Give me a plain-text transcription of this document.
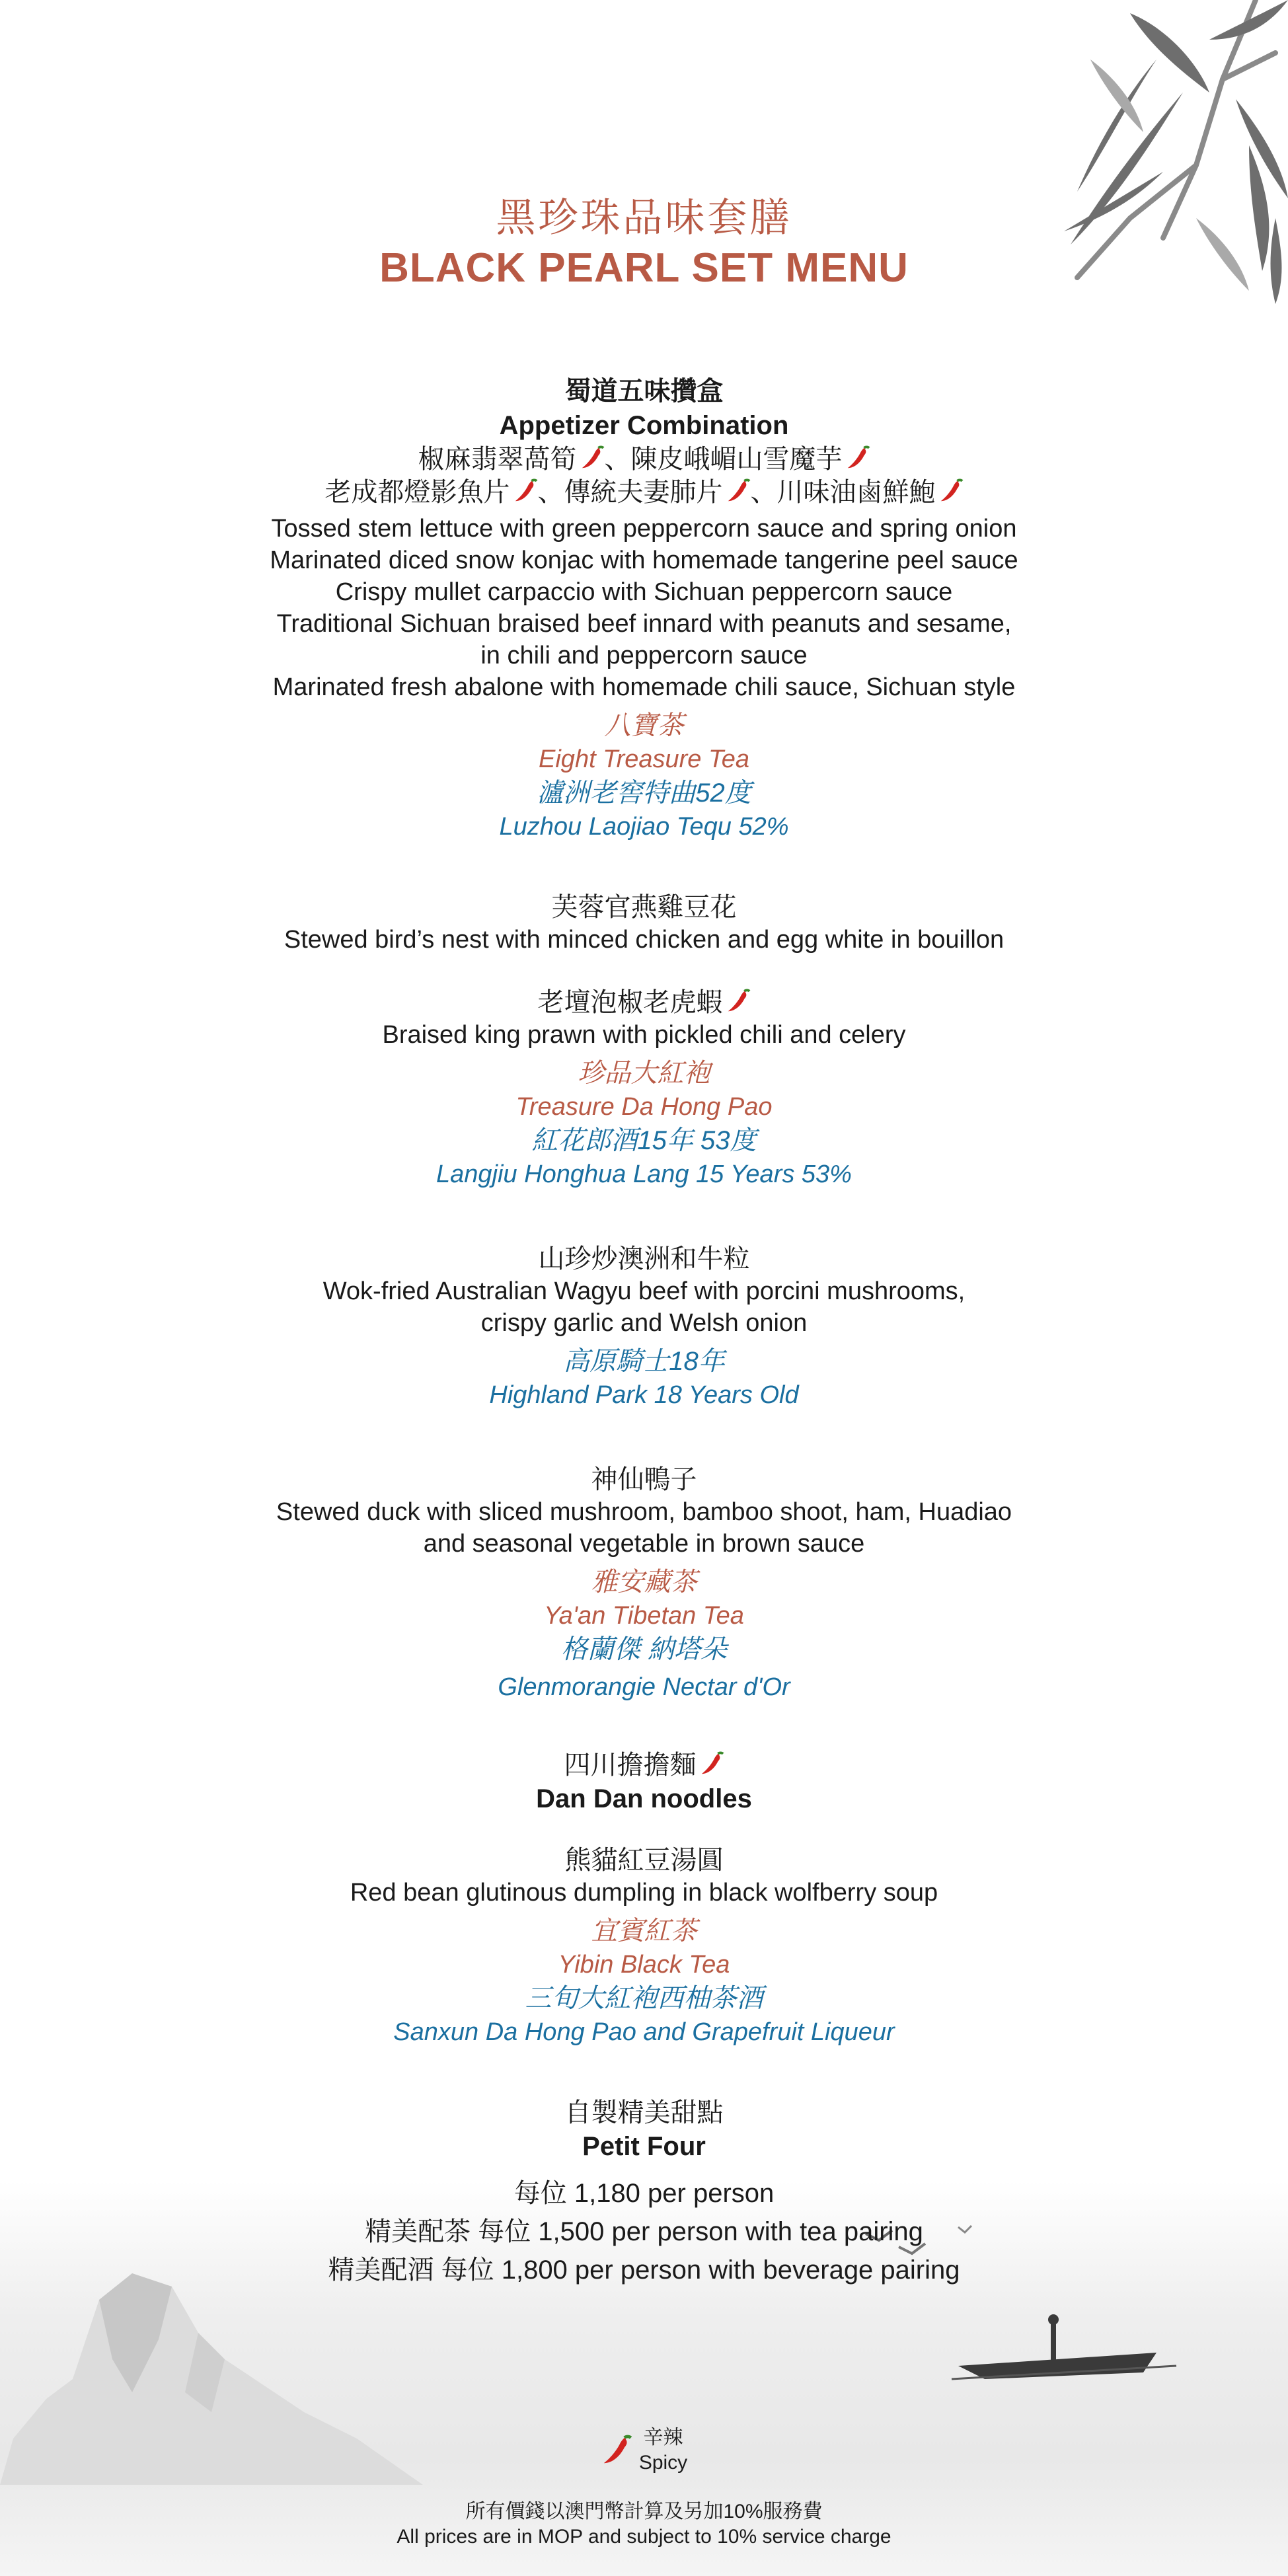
黑珍珠品味套膳
BLACK PEARL SET MENU
蜀道五味攢盒
Appetizer Combination
椒麻翡翠萵筍 、陳皮峨嵋山雪魔芋
老成都燈影魚片 、傳統夫妻肺片 、川味油鹵鮮鮑
Tossed stem lettuce with green peppercorn sauce and spring onion
Marinated diced snow konjac with homemade tangerine peel sauce
Crispy mullet carpaccio with Sichuan peppercorn sauce
Traditional Sichuan braised beef innard with peanuts and sesame,
in chili and peppercorn sauce
Marinated fresh abalone with homemade chili sauce, Sichuan style
八寶茶
Eight Treasure Tea
瀘洲老窖特曲52度
Luzhou Laojiao Tequ 52%
芙蓉官燕雞豆花
Stewed bird’s nest with minced chicken and egg white in bouillon
老壇泡椒老虎蝦
Braised king prawn with pickled chili and celery
珍品大紅袍
Treasure Da Hong Pao
紅花郎酒15年 53度
Langjiu Honghua Lang 15 Years 53%
山珍炒澳洲和牛粒
Wok-fried Australian Wagyu beef with porcini mushrooms,
crispy garlic and Welsh onion
高原騎士18年
Highland Park 18 Years Old
神仙鴨子
Stewed duck with sliced mushroom, bamboo shoot, ham, Huadiao
and seasonal vegetable in brown sauce
雅安藏茶
Ya'an Tibetan Tea
格蘭傑 納塔朵
Glenmorangie Nectar d'Or
四川擔擔麵
Dan Dan noodles
熊貓紅豆湯圓
Red bean glutinous dumpling in black wolfberry soup
宜賓紅茶
Yibin Black Tea
三旬大紅袍西柚茶酒
Sanxun Da Hong Pao and Grapefruit Liqueur
自製精美甜點
Petit Four
每位 1,180 per person
精美配茶 每位 1,500 per person with tea pairing
精美配酒 每位 1,800 per person with beverage pairing
辛辣
Spicy
所有價錢以澳門幣計算及另加10%服務費
All prices are in MOP and subject to 10% service charge
